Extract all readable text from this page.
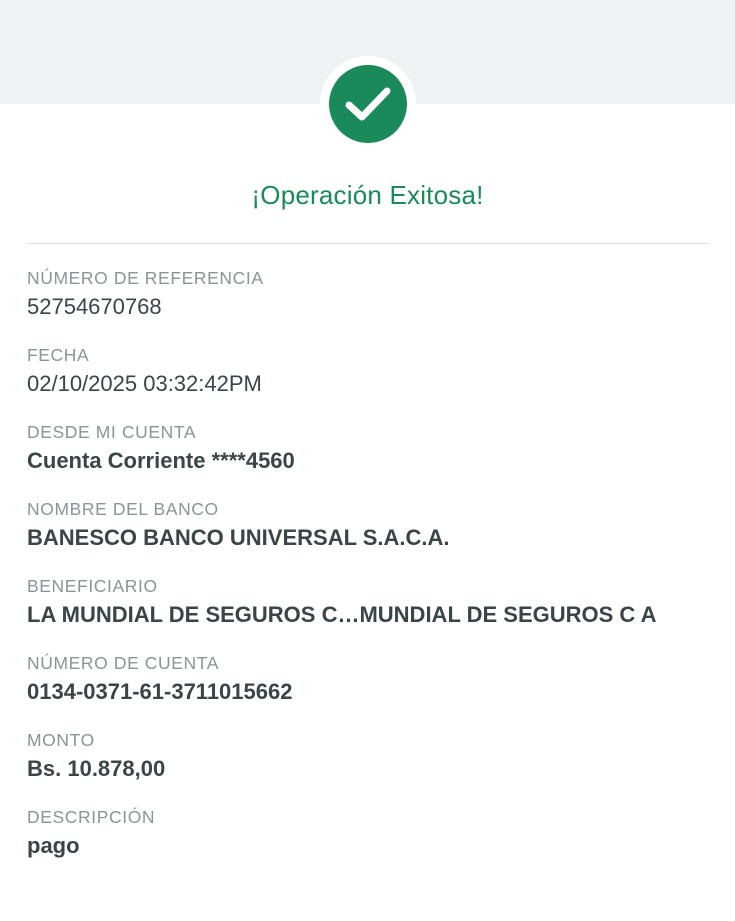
¡Operación Exitosa!
NÚMERO DE REFERENCIA
52754670768
FECHA
02/10/2025 03:32:42PM
DESDE MI CUENTA
Cuenta Corriente ****4560
NOMBRE DEL BANCO
BANESCO BANCO UNIVERSAL S.A.C.A.
BENEFICIARIO
LA MUNDIAL DE SEGUROS C…MUNDIAL DE SEGUROS C A
NÚMERO DE CUENTA
0134-0371-61-3711015662
MONTO
Bs. 10.878,00
DESCRIPCIÓN
pago
